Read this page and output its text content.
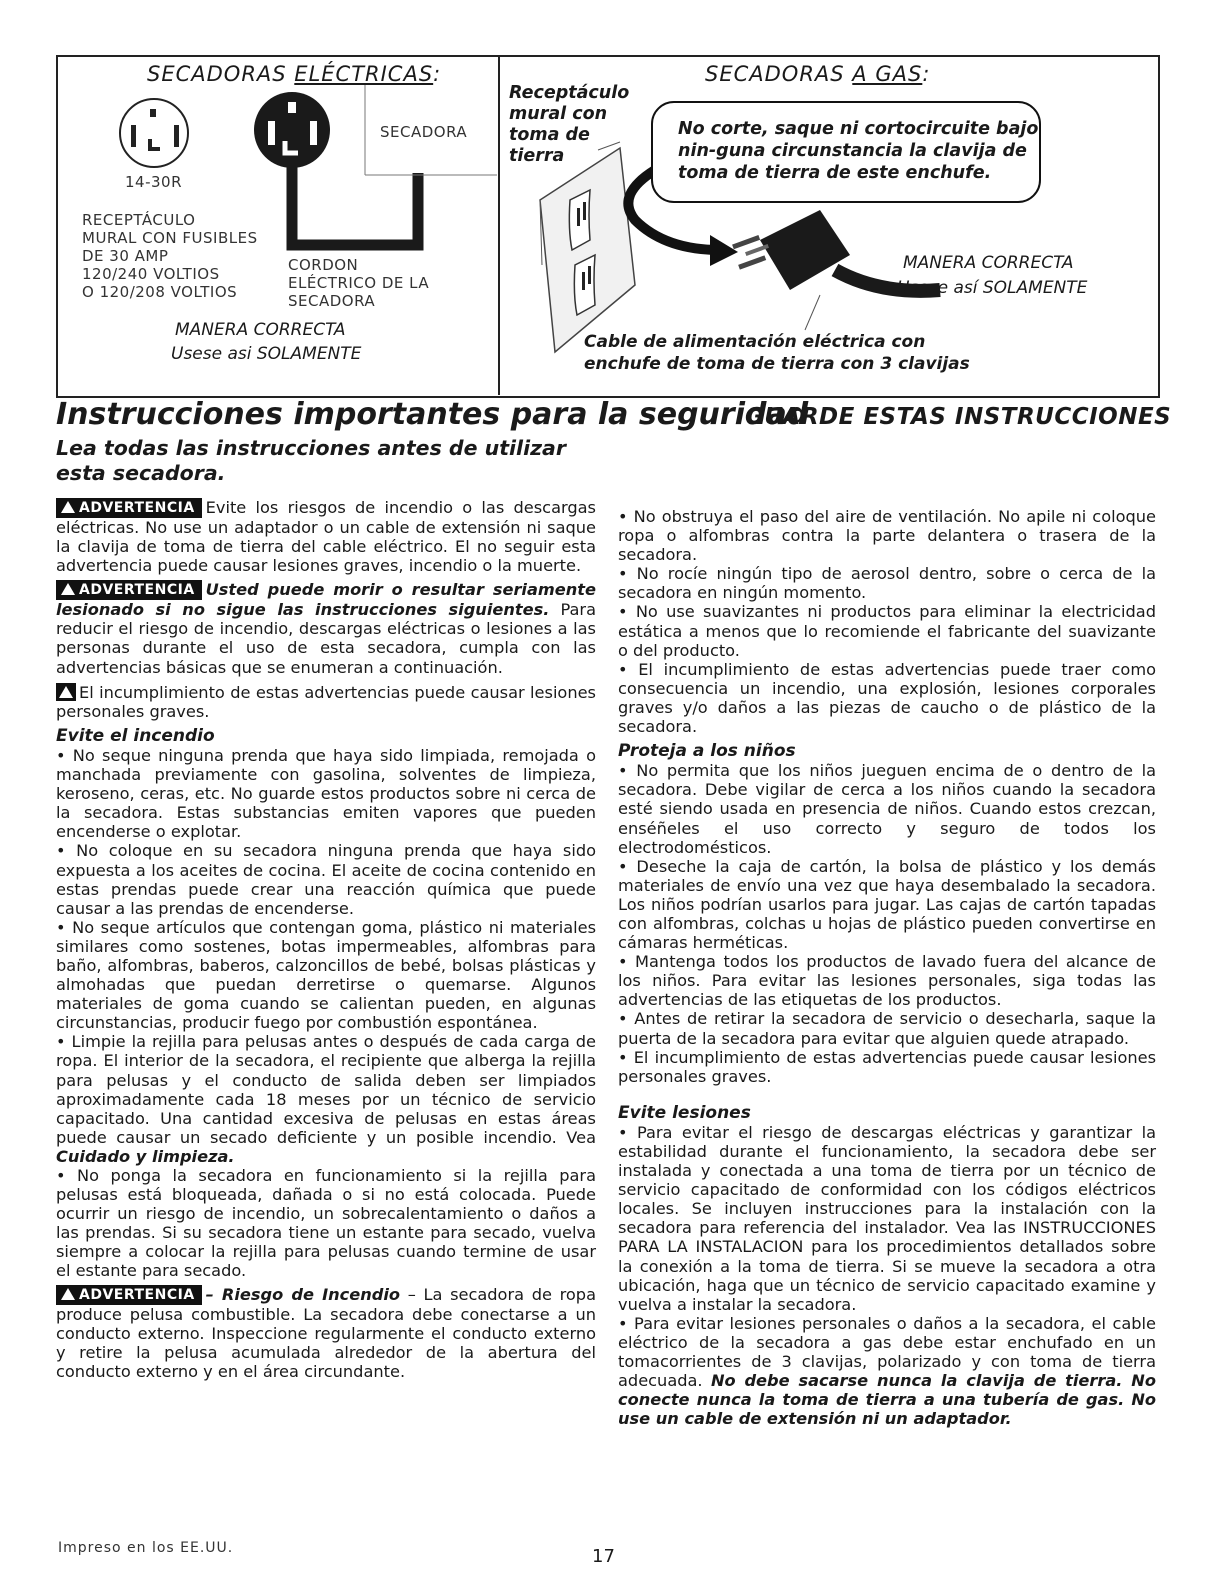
SECADORAS ELÉCTRICAS:
14-30R
SECADORA
RECEPTÁCULO
MURAL CON FUSIBLES
DE 30 AMP
120/240 VOLTIOS
O 120/208 VOLTIOS
CORDON
ELÉCTRICO DE LA
SECADORA
MANERA CORRECTA
Usese asi SOLAMENTE
SECADORAS A GAS:
Receptáculo
mural con
toma de
tierra
No corte, saque ni cortocircuite bajo
nin-guna circunstancia la clavija de
toma de tierra de este enchufe.
MANERA CORRECTA
Usese así SOLAMENTE
Cable de alimentación eléctrica con
enchufe de toma de tierra con 3 clavijas
Instrucciones importantes para la seguridad
GUARDE ESTAS INSTRUCCIONES
Lea todas las instrucciones antes de utilizar esta secadora.

ADVERTENCIA Evite los riesgos de incendio o las descargas eléctricas. No use un adaptador o un cable de extensión ni saque la clavija de toma de tierra del cable eléctrico. El no seguir esta advertencia puede causar lesiones graves, incendio o la muerte.

ADVERTENCIA Usted puede morir o resultar seriamente lesionado si no sigue las instrucciones siguientes. Para reducir el riesgo de incendio, descargas eléctricas o lesiones a las personas durante el uso de esta secadora, cumpla con las advertencias básicas que se enumeran a continuación.

El incumplimiento de estas advertencias puede causar lesiones personales graves.

Evite el incendio

• No seque ninguna prenda que haya sido limpiada, remojada o manchada previamente con gasolina, solventes de limpieza, keroseno, ceras, etc. No guarde estos productos sobre ni cerca de la secadora. Estas substancias emiten vapores que pueden encenderse o explotar.

• No coloque en su secadora ninguna prenda que haya sido expuesta a los aceites de cocina. El aceite de cocina contenido en estas prendas puede crear una reacción química que puede causar a las prendas de encenderse.

• No seque artículos que contengan goma, plástico ni materiales similares como sostenes, botas impermeables, alfombras para baño, alfombras, baberos, calzoncillos de bebé, bolsas plásticas y almohadas que puedan derretirse o quemarse. Algunos materiales de goma cuando se calientan pueden, en algunas circunstancias, producir fuego por combustión espontánea.

• Limpie la rejilla para pelusas antes o después de cada carga de ropa. El interior de la secadora, el recipiente que alberga la rejilla para pelusas y el conducto de salida deben ser limpiados aproximadamente cada 18 meses por un técnico de servicio capacitado. Una cantidad excesiva de pelusas en estas áreas puede causar un secado deficiente y un posible incendio. Vea Cuidado y limpieza.

• No ponga la secadora en funcionamiento si la rejilla para pelusas está bloqueada, dañada o si no está colocada. Puede ocurrir un riesgo de incendio, un sobrecalentamiento o daños a las prendas. Si su secadora tiene un estante para secado, vuelva siempre a colocar la rejilla para pelusas cuando termine de usar el estante para secado.

ADVERTENCIA – Riesgo de Incendio – La secadora de ropa produce pelusa combustible. La secadora debe conectarse a un conducto externo. Inspeccione regularmente el conducto externo y retire la pelusa acumulada alrededor de la abertura del conducto externo y en el área circundante.

• No obstruya el paso del aire de ventilación. No apile ni coloque ropa o alfombras contra la parte delantera o trasera de la secadora.

• No rocíe ningún tipo de aerosol dentro, sobre o cerca de la secadora en ningún momento.

• No use suavizantes ni productos para eliminar la electricidad estática a menos que lo recomiende el fabricante del suavizante o del producto.

• El incumplimiento de estas advertencias puede traer como consecuencia un incendio, una explosión, lesiones corporales graves y/o daños a las piezas de caucho o de plástico de la secadora.

Proteja a los niños

• No permita que los niños jueguen encima de o dentro de la secadora. Debe vigilar de cerca a los niños cuando la secadora esté siendo usada en presencia de niños. Cuando estos crezcan, enséñeles el uso correcto y seguro de todos los electrodomésticos.

• Deseche la caja de cartón, la bolsa de plástico y los demás materiales de envío una vez que haya desembalado la secadora. Los niños podrían usarlos para jugar. Las cajas de cartón tapadas con alfombras, colchas u hojas de plástico pueden convertirse en cámaras herméticas.

• Mantenga todos los productos de lavado fuera del alcance de los niños. Para evitar las lesiones personales, siga todas las advertencias de las etiquetas de los productos.

• Antes de retirar la secadora de servicio o desecharla, saque la puerta de la secadora para evitar que alguien quede atrapado.

• El incumplimiento de estas advertencias puede causar lesiones personales graves.

Evite lesiones

• Para evitar el riesgo de descargas eléctricas y garantizar la estabilidad durante el funcionamiento, la secadora debe ser instalada y conectada a una toma de tierra por un técnico de servicio capacitado de conformidad con los códigos eléctricos locales. Se incluyen instrucciones para la instalación con la secadora para referencia del instalador. Vea las INSTRUCCIONES PARA LA INSTALACION para los procedimientos detallados sobre la conexión a la toma de tierra. Si se mueve la secadora a otra ubicación, haga que un técnico de servicio capacitado examine y vuelva a instalar la secadora.

• Para evitar lesiones personales o daños a la secadora, el cable eléctrico de la secadora a gas debe estar enchufado en un tomacorrientes de 3 clavijas, polarizado y con toma de tierra adecuada. No debe sacarse nunca la clavija de tierra. No conecte nunca la toma de tierra a una tubería de gas. No use un cable de extensión ni un adaptador.

Impreso en los EE.UU.	17
